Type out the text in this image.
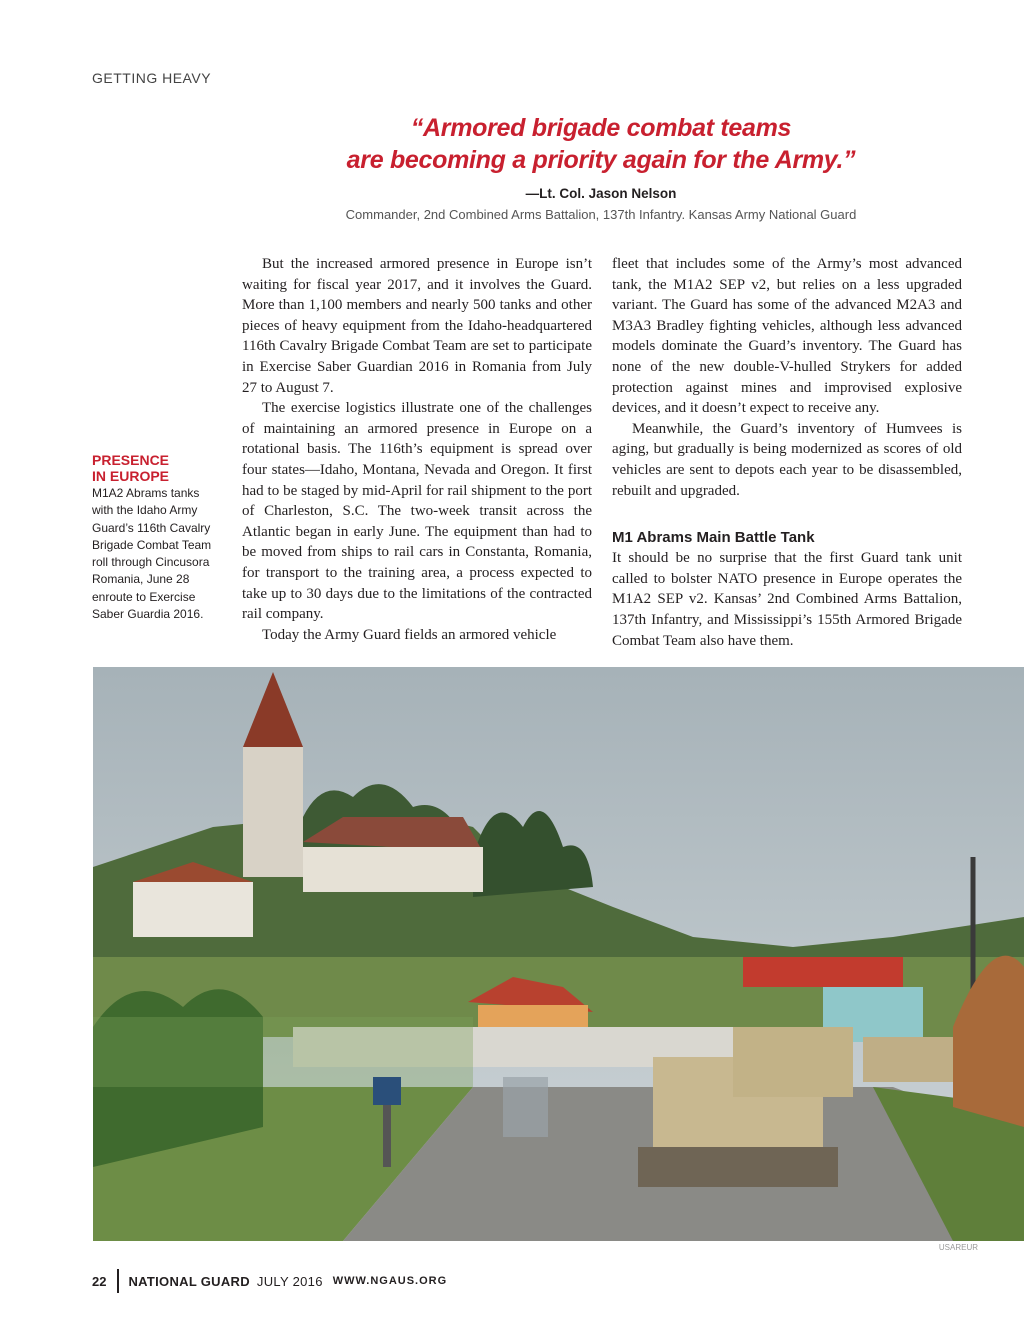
GETTING HEAVY
“Armored brigade combat teams
are becoming a priority again for the Army.”
—Lt. Col. Jason Nelson
Commander, 2nd Combined Arms Battalion, 137th Infantry. Kansas Army National Guard
PRESENCE
IN EUROPE
M1A2 Abrams tanks with the Idaho Army Guard’s 116th Cavalry Brigade Combat Team roll through Cincusora Romania, June 28 enroute to Exercise Saber Guardia 2016.

But the increased armored presence in Europe isn’t waiting for fiscal year 2017, and it involves the Guard. More than 1,100 members and nearly 500 tanks and other pieces of heavy equipment from the Idaho-headquartered 116th Cavalry Brigade Combat Team are set to participate in Exercise Saber Guardian 2016 in Romania from July 27 to August 7.

The exercise logistics illustrate one of the challenges of maintaining an armored presence in Europe on a rotational basis. The 116th’s equipment is spread over four states—Idaho, Montana, Nevada and Oregon. It first had to be staged by mid-April for rail shipment to the port of Charleston, S.C. The two-week transit across the Atlantic began in early June. The equipment than had to be moved from ships to rail cars in Constanta, Romania, for transport to the training area, a process expected to take up to 30 days due to the limitations of the contracted rail company.

Today the Army Guard fields an armored vehicle

fleet that includes some of the Army’s most advanced tank, the M1A2 SEP v2, but relies on a less upgraded variant. The Guard has some of the advanced M2A3 and M3A3 Bradley fighting vehicles, although less advanced models dominate the Guard’s inventory. The Guard has none of the new double-V-hulled Strykers for added protection against mines and improvised explosive devices, and it doesn’t expect to receive any.

Meanwhile, the Guard’s inventory of Humvees is aging, but gradually is being modernized as scores of old vehicles are sent to depots each year to be disassembled, rebuilt and upgraded.

M1 Abrams Main Battle Tank

It should be no surprise that the first Guard tank unit called to bolster NATO presence in Europe operates the M1A2 SEP v2. Kansas’ 2nd Combined Arms Battalion, 137th Infantry, and Mississippi’s 155th Armored Brigade Combat Team also have them.

USAREUR
22 NATIONAL GUARD JULY 2016 WWW.NGAUS.ORG
